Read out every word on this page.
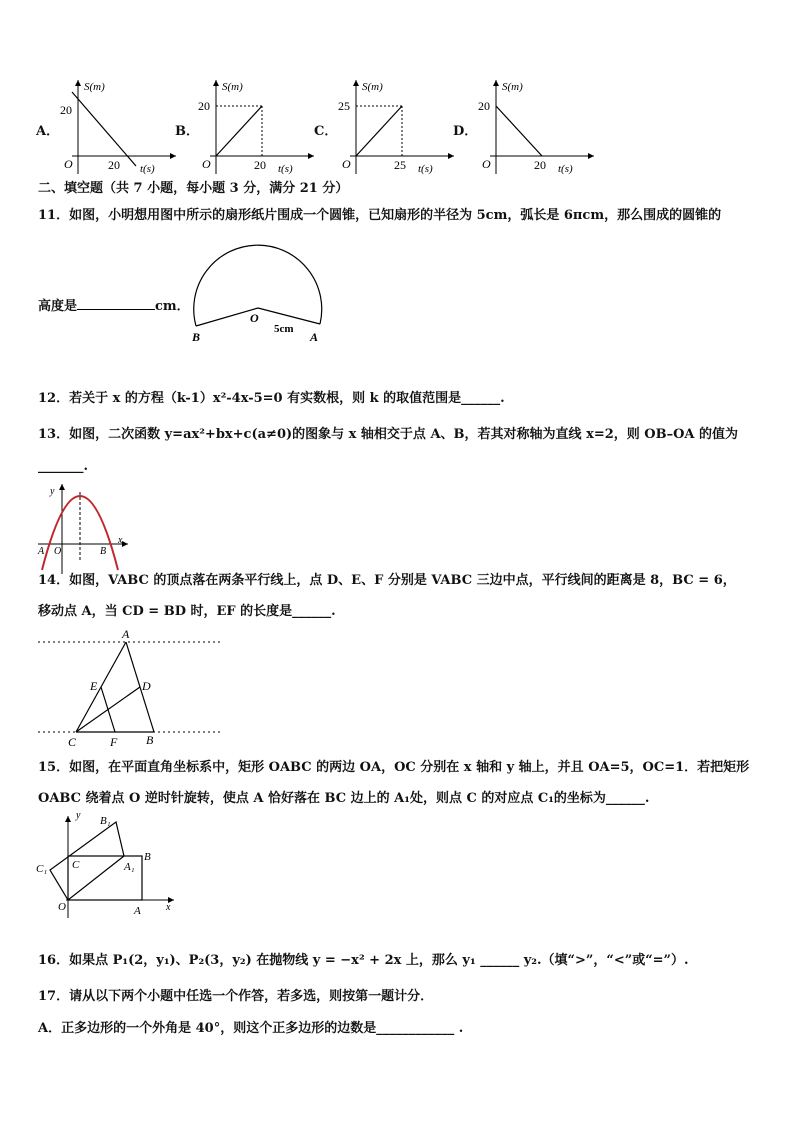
A．
S(m)
20
O	20 t(s)
B．
S(m)
20
O	20 t(s)
C．
S(m)
25
O	25 t(s)
D．
S(m)
20
O	20 t(s)
二、填空题（共 7 小题，每小题 3 分，满分 21 分）
11．如图，小明想用图中所示的扇形纸片围成一个圆锥，已知扇形的半径为 5cm，弧长是 6πcm，那么围成的圆锥的
高度是	cm．
B
O
5cm
A
12．若关于 x 的方程（k-1）x²-4x-5=0 有实数根，则 k 的取值范围是______.
13．如图，二次函数 y=ax²+bx+c(a≠0)的图象与 x 轴相交于点 A、B，若其对称轴为直线 x=2，则 OB–OA 的值为
_______.
y
x
A O	B
14．如图，VABC 的顶点落在两条平行线上，点 D、E、F 分别是 VABC 三边中点，平行线间的距离是 8，BC = 6，
移动点 A，当 CD = BD 时，EF 的长度是______.
A
E	D
C	F B
15．如图，在平面直角坐标系中，矩形 OABC 的两边 OA，OC 分别在 x 轴和 y 轴上，并且 OA=5，OC=1．若把矩形
OABC 绕着点 O 逆时针旋转，使点 A 恰好落在 BC 边上的 A₁处，则点 C 的对应点 C₁的坐标为______.
y
x
O	A
B
C
B₁
C₁	A₁
16．如果点 P₁(2，y₁)、P₂(3，y₂) 在抛物线 y = −x² + 2x 上，那么 y₁ ______ y₂.（填“>”，“<”或“=”）.
17．请从以下两个小题中任选一个作答，若多选，则按第一题计分．
A．正多边形的一个外角是 40°，则这个正多边形的边数是____________ .
